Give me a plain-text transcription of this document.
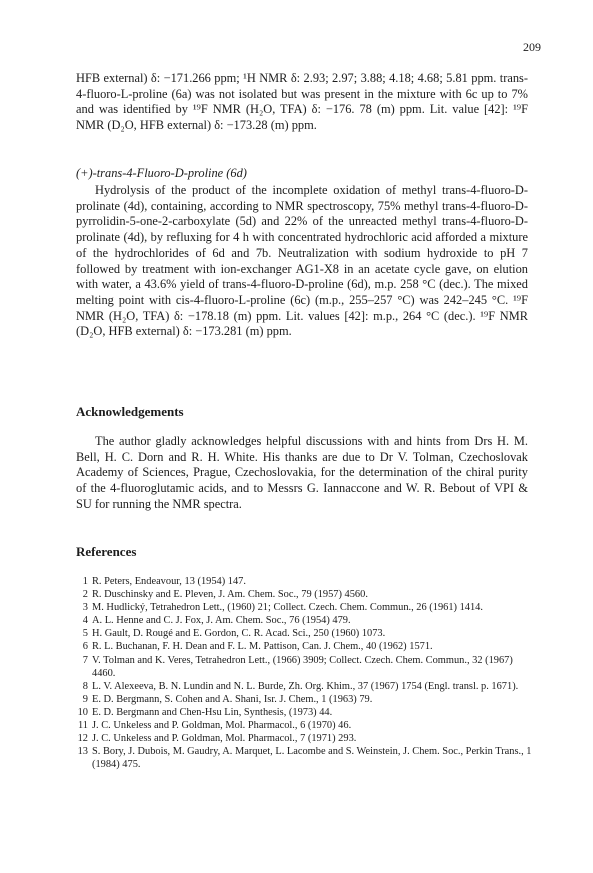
209

HFB external) δ: −171.266 ppm; ¹H NMR δ: 2.93; 2.97; 3.88; 4.18; 4.68; 5.81 ppm. trans-4-fluoro-L-proline (6a) was not isolated but was present in the mixture with 6c up to 7% and was identified by ¹⁹F NMR (H₂O, TFA) δ: −176. 78 (m) ppm. Lit. value [42]: ¹⁹F NMR (D₂O, HFB external) δ: −173.28 (m) ppm.

(+)-trans-4-Fluoro-D-proline (6d)

Hydrolysis of the product of the incomplete oxidation of methyl trans-4-fluoro-D-prolinate (4d), containing, according to NMR spectroscopy, 75% methyl trans-4-fluoro-D-pyrrolidin-5-one-2-carboxylate (5d) and 22% of the unreacted methyl trans-4-fluoro-D-prolinate (4d), by refluxing for 4 h with concentrated hydrochloric acid afforded a mixture of the hydrochlorides of 6d and 7b. Neutralization with sodium hydroxide to pH 7 followed by treatment with ion-exchanger AG1-X8 in an acetate cycle gave, on elution with water, a 43.6% yield of trans-4-fluoro-D-proline (6d), m.p. 258 °C (dec.). The mixed melting point with cis-4-fluoro-L-proline (6c) (m.p., 255–257 °C) was 242–245 °C. ¹⁹F NMR (H₂O, TFA) δ: −178.18 (m) ppm. Lit. values [42]: m.p., 264 °C (dec.). ¹⁹F NMR (D₂O, HFB external) δ: −173.281 (m) ppm.

Acknowledgements

The author gladly acknowledges helpful discussions with and hints from Drs H. M. Bell, H. C. Dorn and R. H. White. His thanks are due to Dr V. Tolman, Czechoslovak Academy of Sciences, Prague, Czechoslovakia, for the determination of the chiral purity of the 4-fluoroglutamic acids, and to Messrs G. Iannaccone and W. R. Bebout of VPI & SU for running the NMR spectra.

References
1 R. Peters, Endeavour, 13 (1954) 147.
2 R. Duschinsky and E. Pleven, J. Am. Chem. Soc., 79 (1957) 4560.
3 M. Hudlický, Tetrahedron Lett., (1960) 21; Collect. Czech. Chem. Commun., 26 (1961) 1414.
4 A. L. Henne and C. J. Fox, J. Am. Chem. Soc., 76 (1954) 479.
5 H. Gault, D. Rougé and E. Gordon, C. R. Acad. Sci., 250 (1960) 1073.
6 R. L. Buchanan, F. H. Dean and F. L. M. Pattison, Can. J. Chem., 40 (1962) 1571.
7 V. Tolman and K. Veres, Tetrahedron Lett., (1966) 3909; Collect. Czech. Chem. Commun., 32 (1967) 4460.
8 L. V. Alexeeva, B. N. Lundin and N. L. Burde, Zh. Org. Khim., 37 (1967) 1754 (Engl. transl. p. 1671).
9 E. D. Bergmann, S. Cohen and A. Shani, Isr. J. Chem., 1 (1963) 79.
10 E. D. Bergmann and Chen-Hsu Lin, Synthesis, (1973) 44.
11 J. C. Unkeless and P. Goldman, Mol. Pharmacol., 6 (1970) 46.
12 J. C. Unkeless and P. Goldman, Mol. Pharmacol., 7 (1971) 293.
13 S. Bory, J. Dubois, M. Gaudry, A. Marquet, L. Lacombe and S. Weinstein, J. Chem. Soc., Perkin Trans., 1 (1984) 475.
